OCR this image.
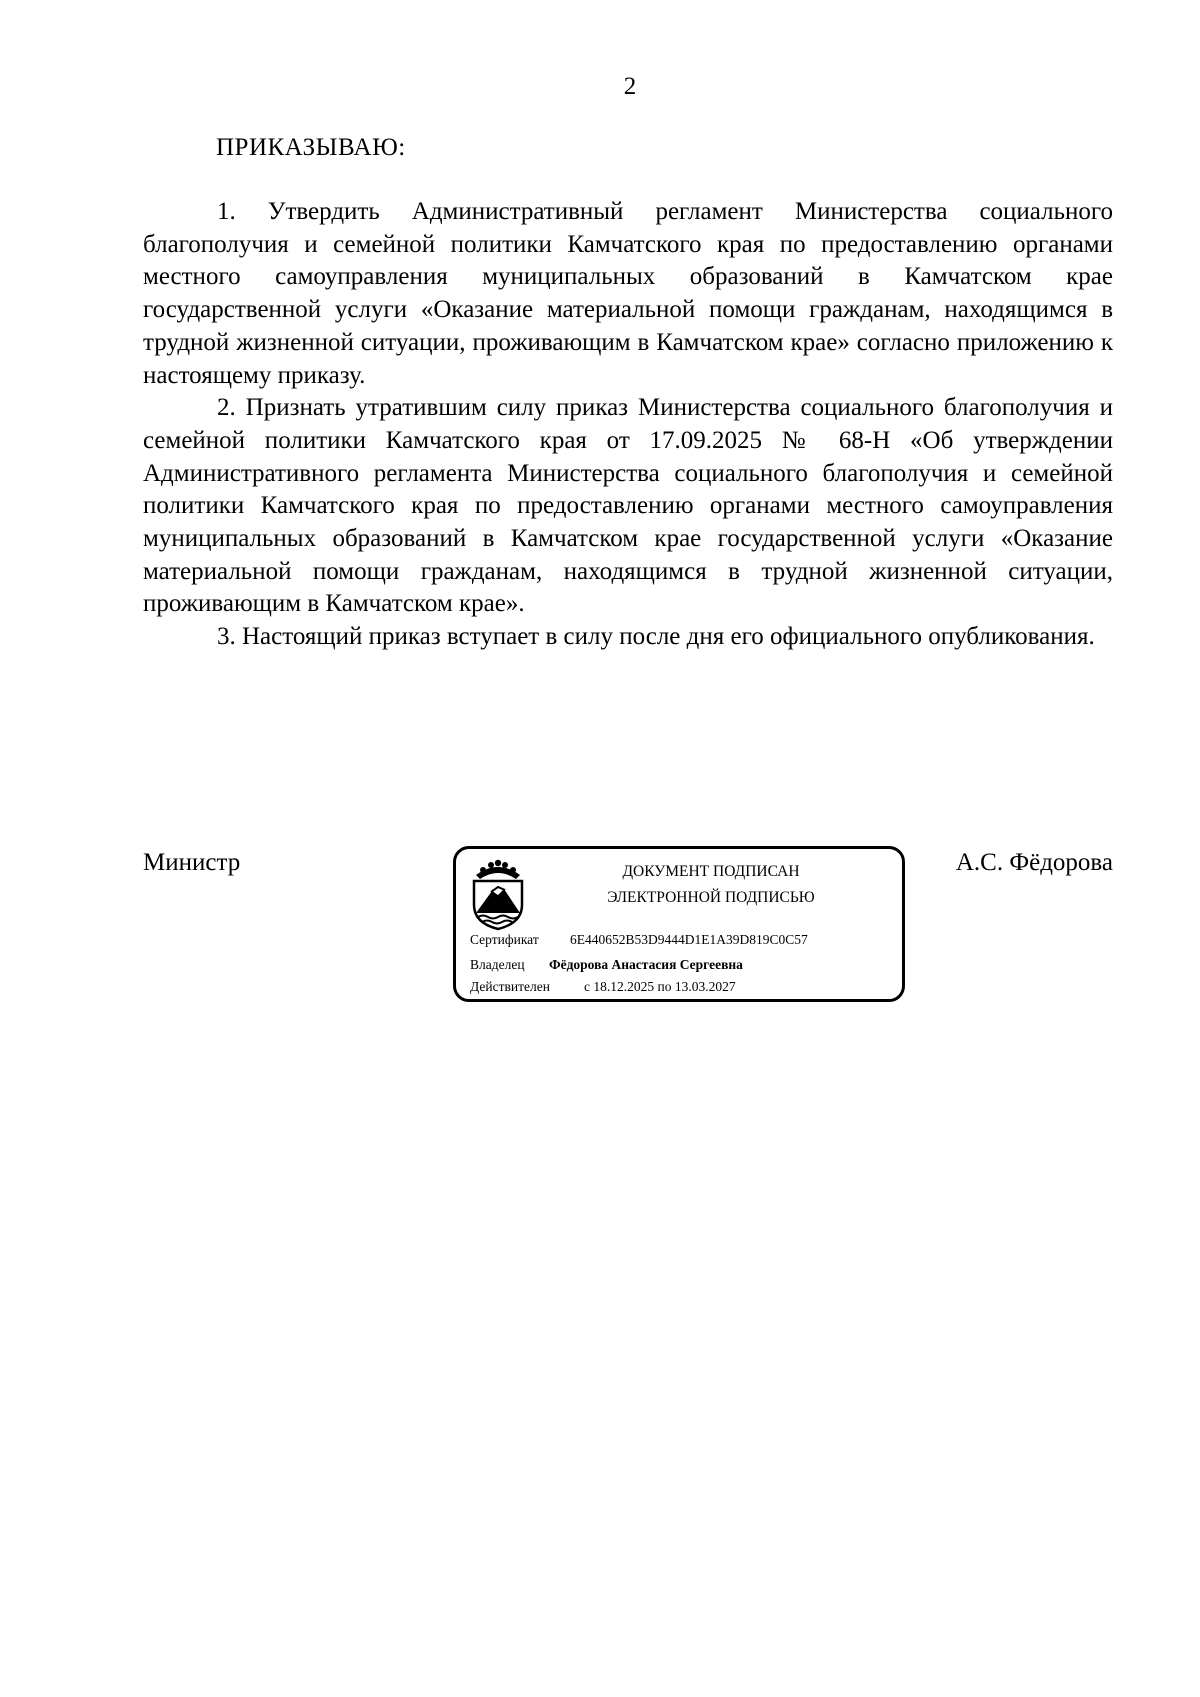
2
ПРИКАЗЫВАЮ:

1. Утвердить Административный регламент Министерства социального благополучия и семейной политики Камчатского края по предоставлению органами местного самоуправления муниципальных образований в Камчатском крае государственной услуги «Оказание материальной помощи гражданам, находящимся в трудной жизненной ситуации, проживающим в Камчатском крае» согласно приложению к настоящему приказу.

2. Признать утратившим силу приказ Министерства социального благополучия и семейной политики Камчатского края от 17.09.2025 № 68-Н «Об утверждении Административного регламента Министерства социального благополучия и семейной политики Камчатского края по предоставлению органами местного самоуправления муниципальных образований в Камчатском крае государственной услуги «Оказание материальной помощи гражданам, находящимся в трудной жизненной ситуации, проживающим в Камчатском крае».

3. Настоящий приказ вступает в силу после дня его официального опубликования.

Министр	А.С. Фёдорова
ДОКУМЕНТ ПОДПИСАН
ЭЛЕКТРОННОЙ ПОДПИСЬЮ
Сертификат 6E440652B53D9444D1E1A39D819C0C57
Владелец Фёдорова Анастасия Сергеевна
Действителен	с 18.12.2025 по 13.03.2027
